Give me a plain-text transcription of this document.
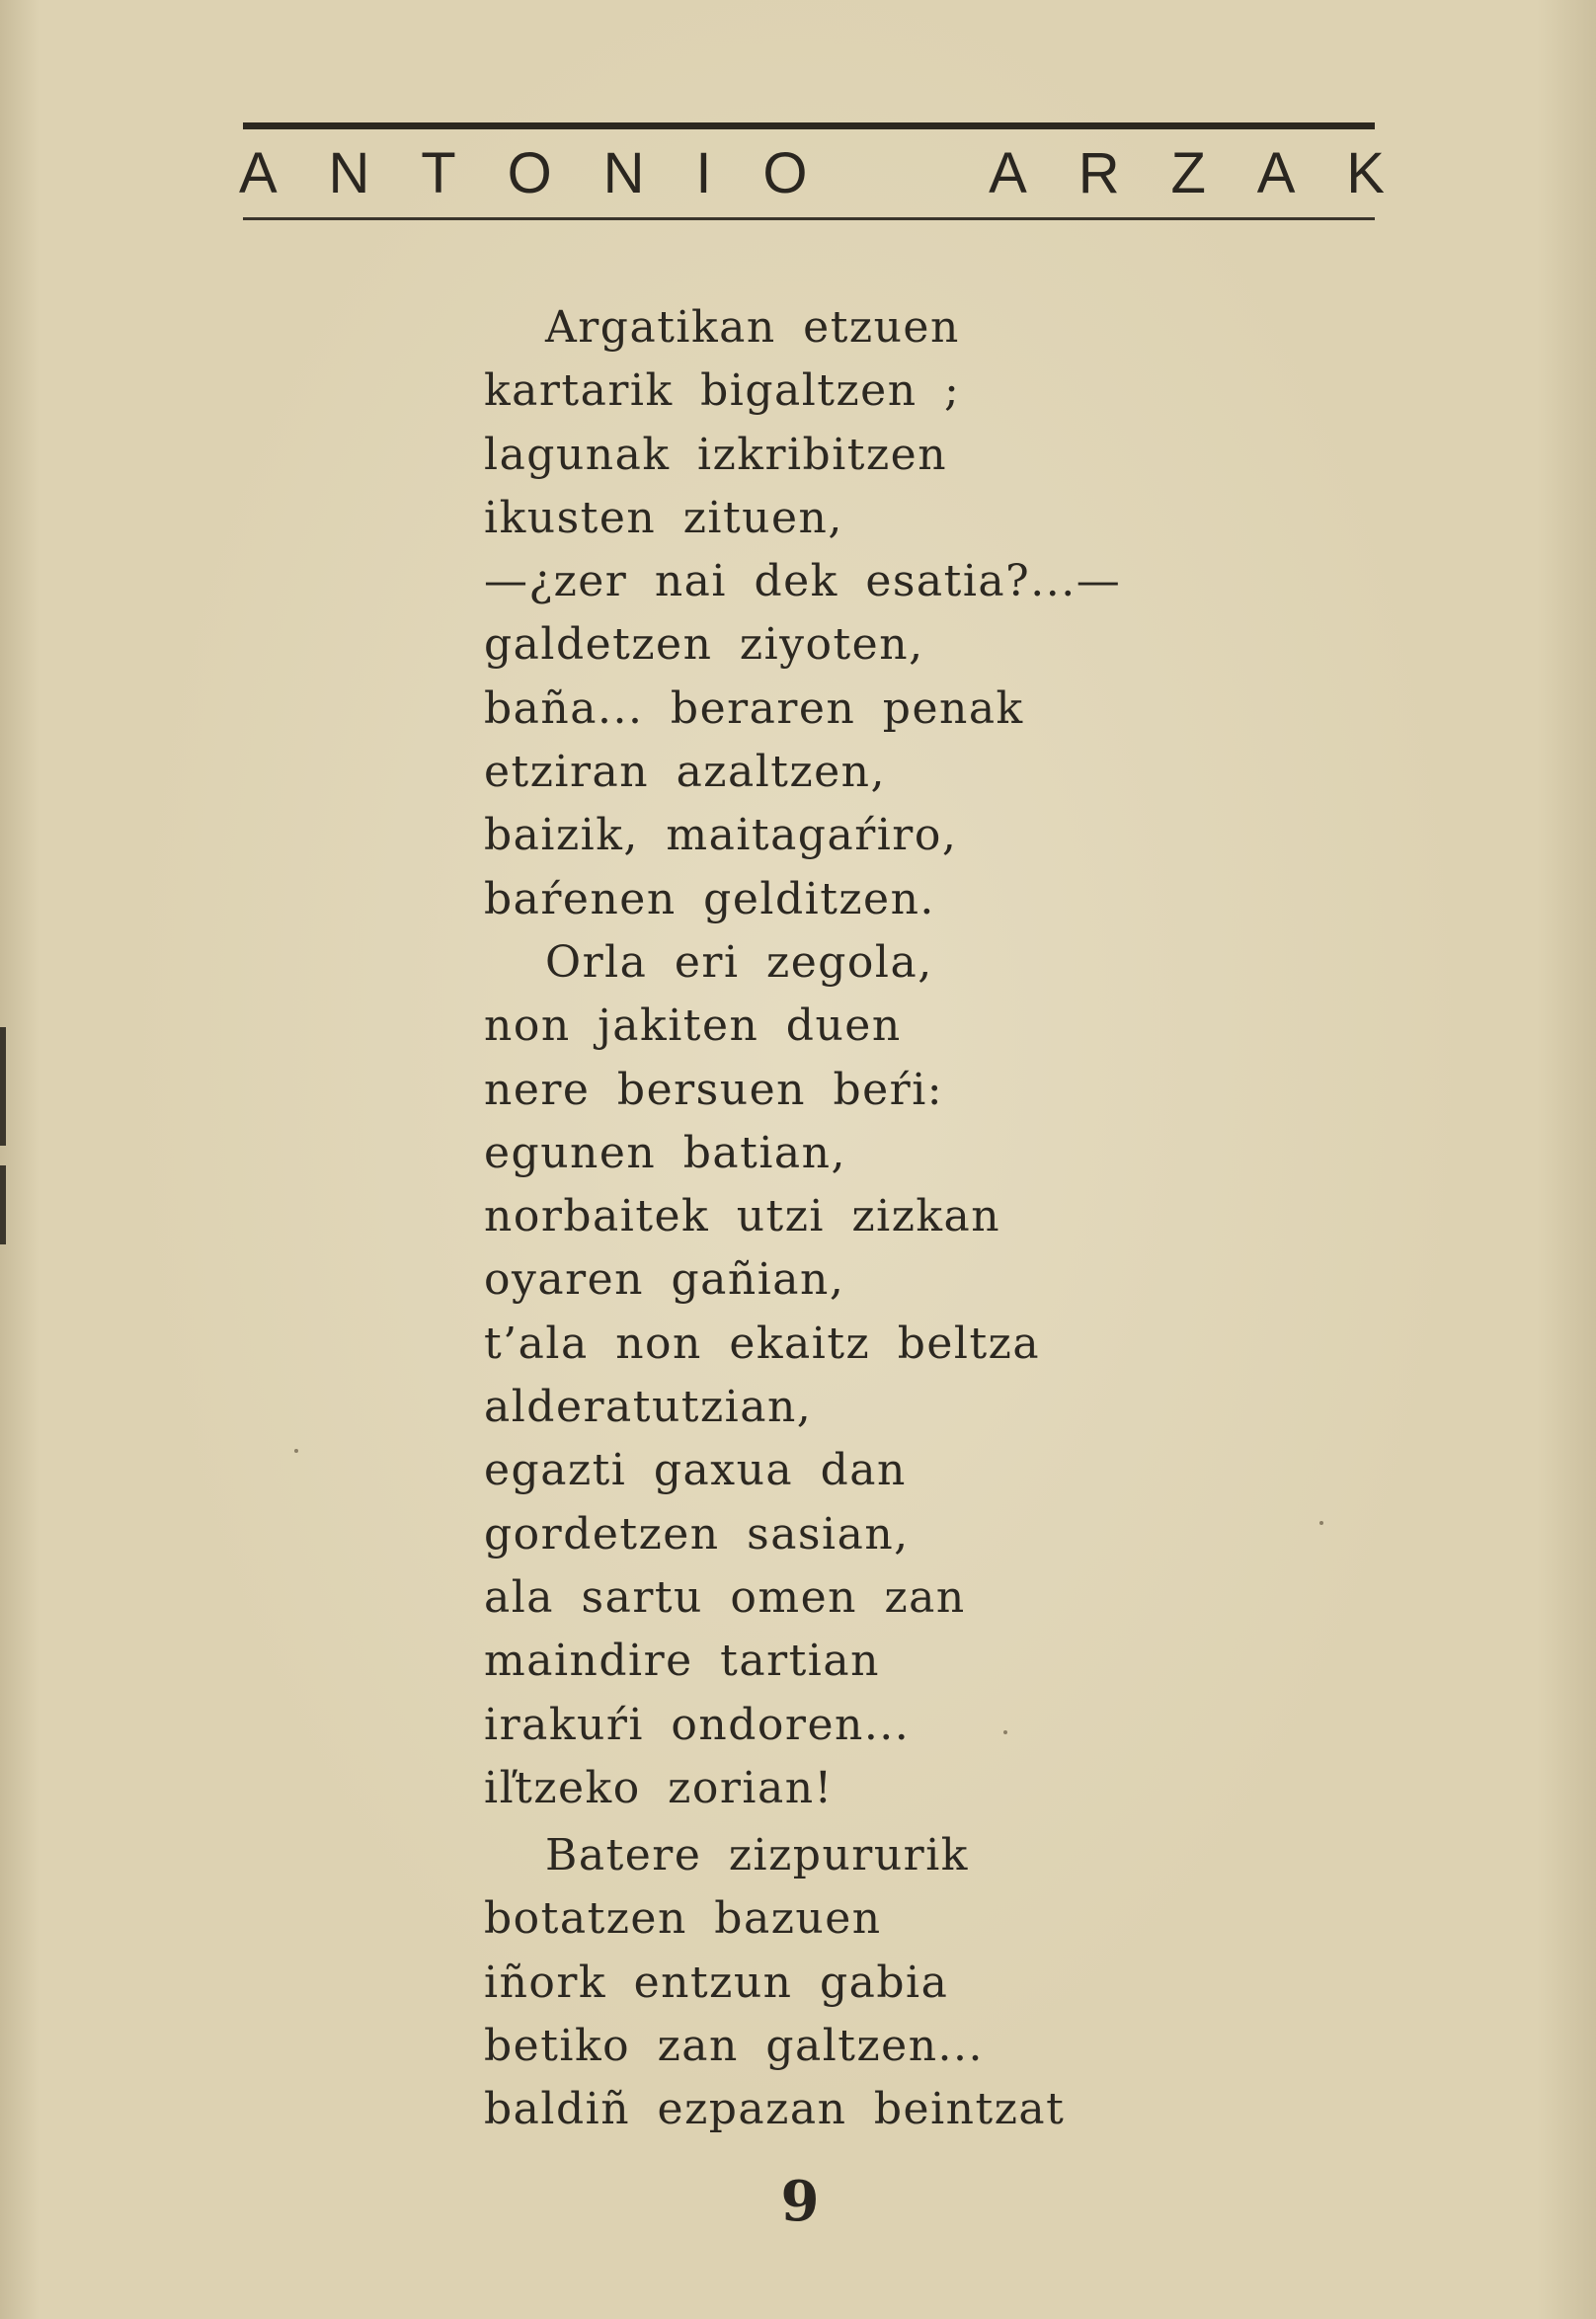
A N T O N I O	A R Z A K
Argatikan etzuen
kartarik bigaltzen ;
lagunak izkribitzen
ikusten zituen,
—¿zer nai dek esatia?...—
galdetzen ziyoten,
baña... beraren penak
etziran azaltzen,
baizik, maitagaŕiro,
baŕenen gelditzen.
Orla eri zegola,
non jakiten duen
nere bersuen beŕi:
egunen batian,
norbaitek utzi zizkan
oyaren gañian,
t’ala non ekaitz beltza
alderatutzian,
egazti gaxua dan
gordetzen sasian,
ala sartu omen zan
maindire tartian
irakuŕi ondoren...
iľtzeko zorian!
Batere zizpururik
botatzen bazuen
iñork entzun gabia
betiko zan galtzen...
baldiñ ezpazan beintzat
9
